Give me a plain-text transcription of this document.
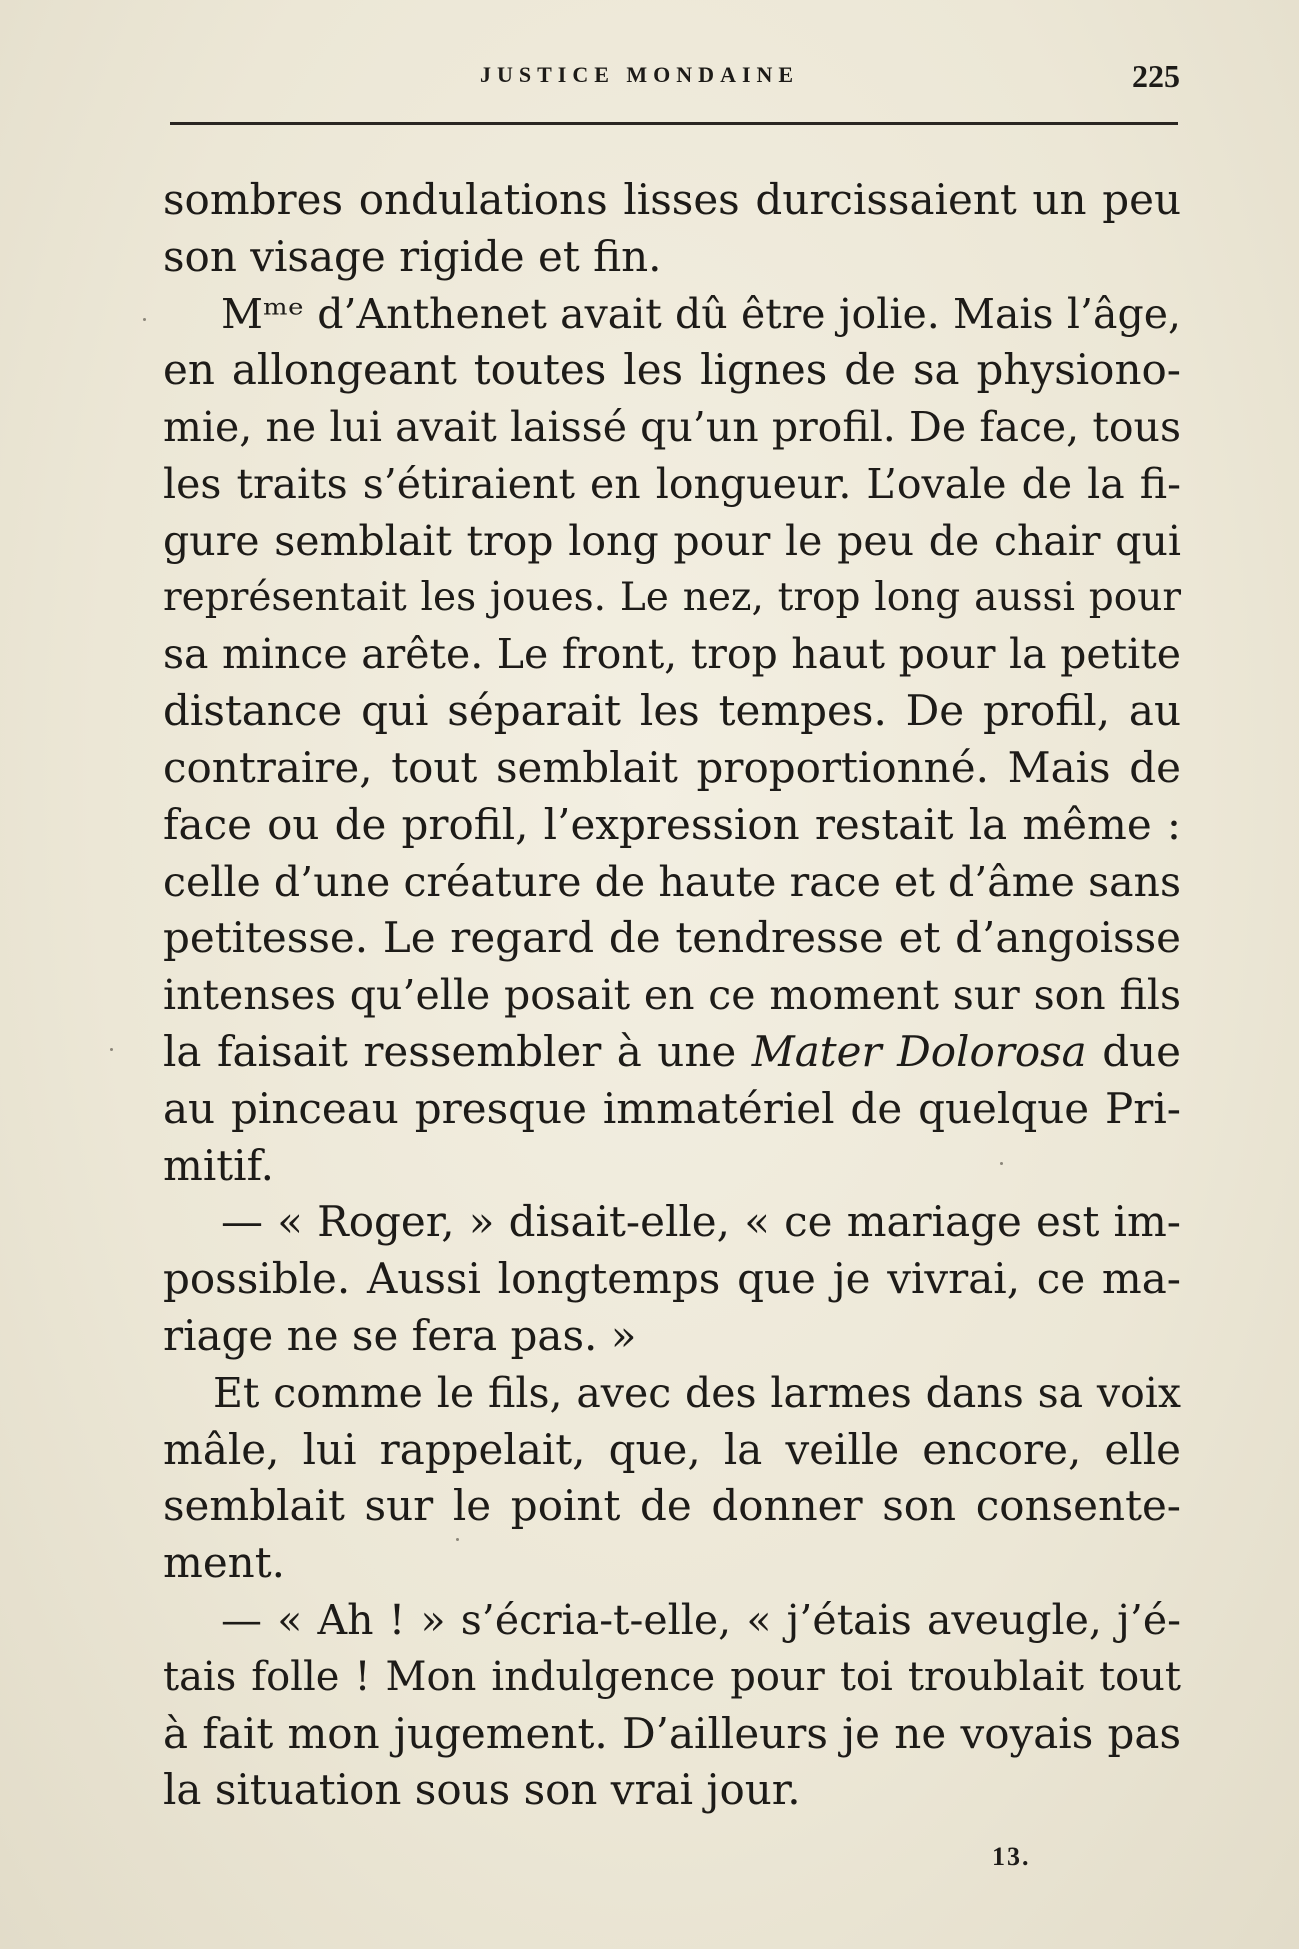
JUSTICE MONDAINE	225
sombres ondulations lisses durcissaient un peu
son visage rigide et fin.
Mᵐᵉ d’Anthenet avait dû être jolie. Mais l’âge,
en allongeant toutes les lignes de sa physiono-
mie, ne lui avait laissé qu’un profil. De face, tous
les traits s’étiraient en longueur. L’ovale de la fi-
gure semblait trop long pour le peu de chair qui
représentait les joues. Le nez, trop long aussi pour
sa mince arête. Le front, trop haut pour la petite
distance qui séparait les tempes. De profil, au
contraire, tout semblait proportionné. Mais de
face ou de profil, l’expression restait la même :
celle d’une créature de haute race et d’âme sans
petitesse. Le regard de tendresse et d’angoisse
intenses qu’elle posait en ce moment sur son fils
la faisait ressembler à une Mater Dolorosa due
au pinceau presque immatériel de quelque Pri-
mitif.
— « Roger, » disait-elle, « ce mariage est im-
possible. Aussi longtemps que je vivrai, ce ma-
riage ne se fera pas. »
Et comme le fils, avec des larmes dans sa voix
mâle, lui rappelait, que, la veille encore, elle
semblait sur le point de donner son consente-
ment.
— « Ah ! » s’écria-t-elle, « j’étais aveugle, j’é-
tais folle ! Mon indulgence pour toi troublait tout
à fait mon jugement. D’ailleurs je ne voyais pas
la situation sous son vrai jour.
13.
